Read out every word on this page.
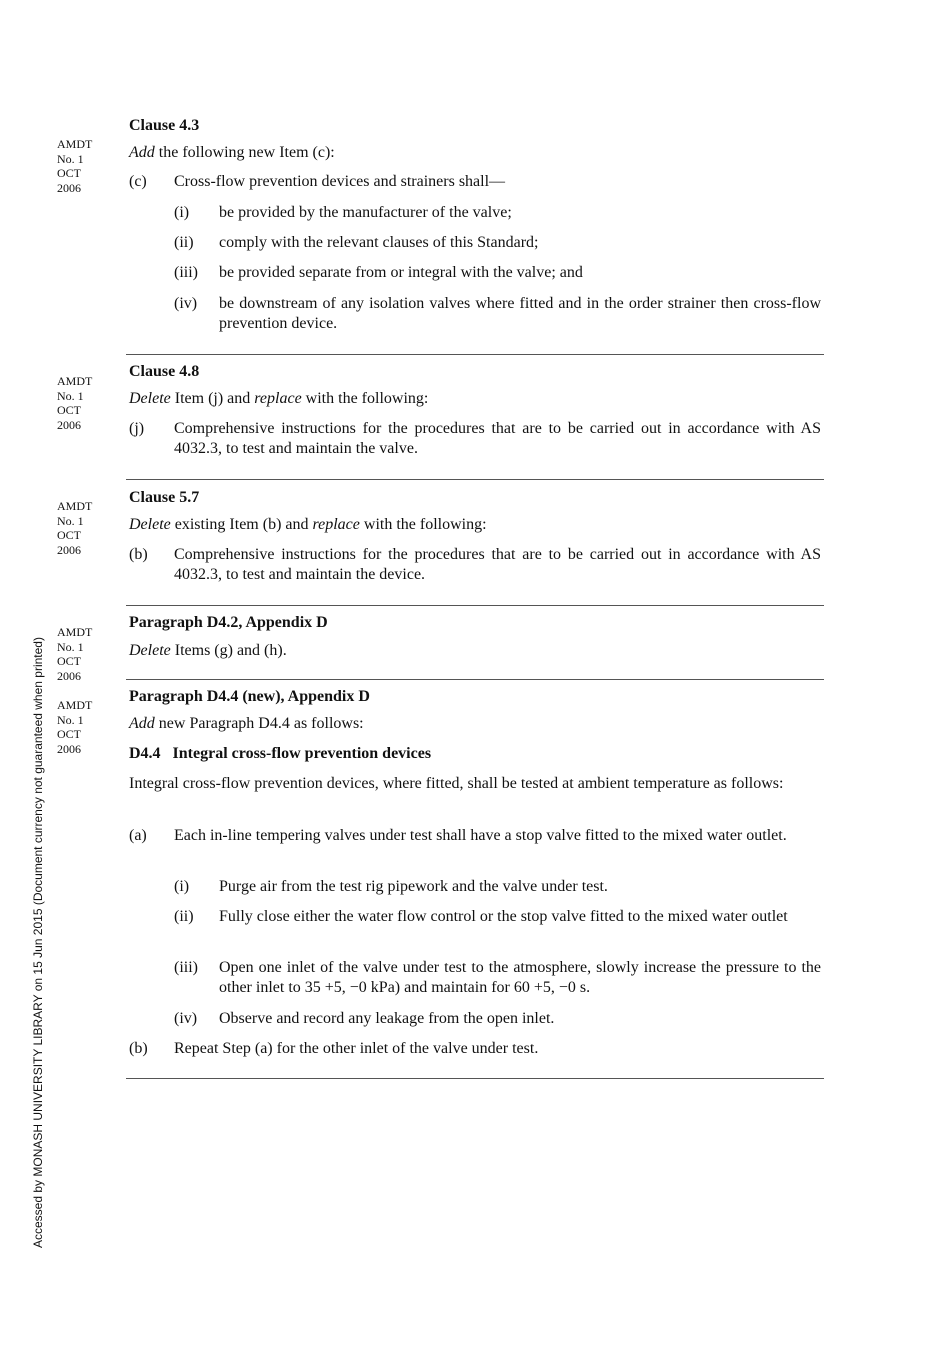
Accessed by MONASH UNIVERSITY LIBRARY on 15 Jun 2015 (Document currency not guaranteed when printed)
AMDT
No. 1
OCT
2006
AMDT
No. 1
OCT
2006
AMDT
No. 1
OCT
2006
AMDT
No. 1
OCT
2006
AMDT
No. 1
OCT
2006
Clause 4.3
Add the following new Item (c):
(c) Cross-flow prevention devices and strainers shall—
(i) be provided by the manufacturer of the valve;
(ii) comply with the relevant clauses of this Standard;
(iii) be provided separate from or integral with the valve; and
(iv) be downstream of any isolation valves where fitted and in the order strainer then cross-flow prevention device.
Clause 4.8
Delete Item (j) and replace with the following:
(j) Comprehensive instructions for the procedures that are to be carried out in accordance with AS 4032.3, to test and maintain the valve.
Clause 5.7
Delete existing Item (b) and replace with the following:
(b) Comprehensive instructions for the procedures that are to be carried out in accordance with AS 4032.3, to test and maintain the device.
Paragraph D4.2, Appendix D
Delete Items (g) and (h).
Paragraph D4.4 (new), Appendix D
Add new Paragraph D4.4 as follows:
D4.4   Integral cross-flow prevention devices
Integral cross-flow prevention devices, where fitted, shall be tested at ambient temperature as follows:
(a) Each in-line tempering valves under test shall have a stop valve fitted to the mixed water outlet.
(i) Purge air from the test rig pipework and the valve under test.
(ii) Fully close either the water flow control or the stop valve fitted to the mixed water outlet
(iii) Open one inlet of the valve under test to the atmosphere, slowly increase the pressure to the other inlet to 35 +5, −0 kPa) and maintain for 60 +5, −0 s.
(iv) Observe and record any leakage from the open inlet.
(b) Repeat Step (a) for the other inlet of the valve under test.
